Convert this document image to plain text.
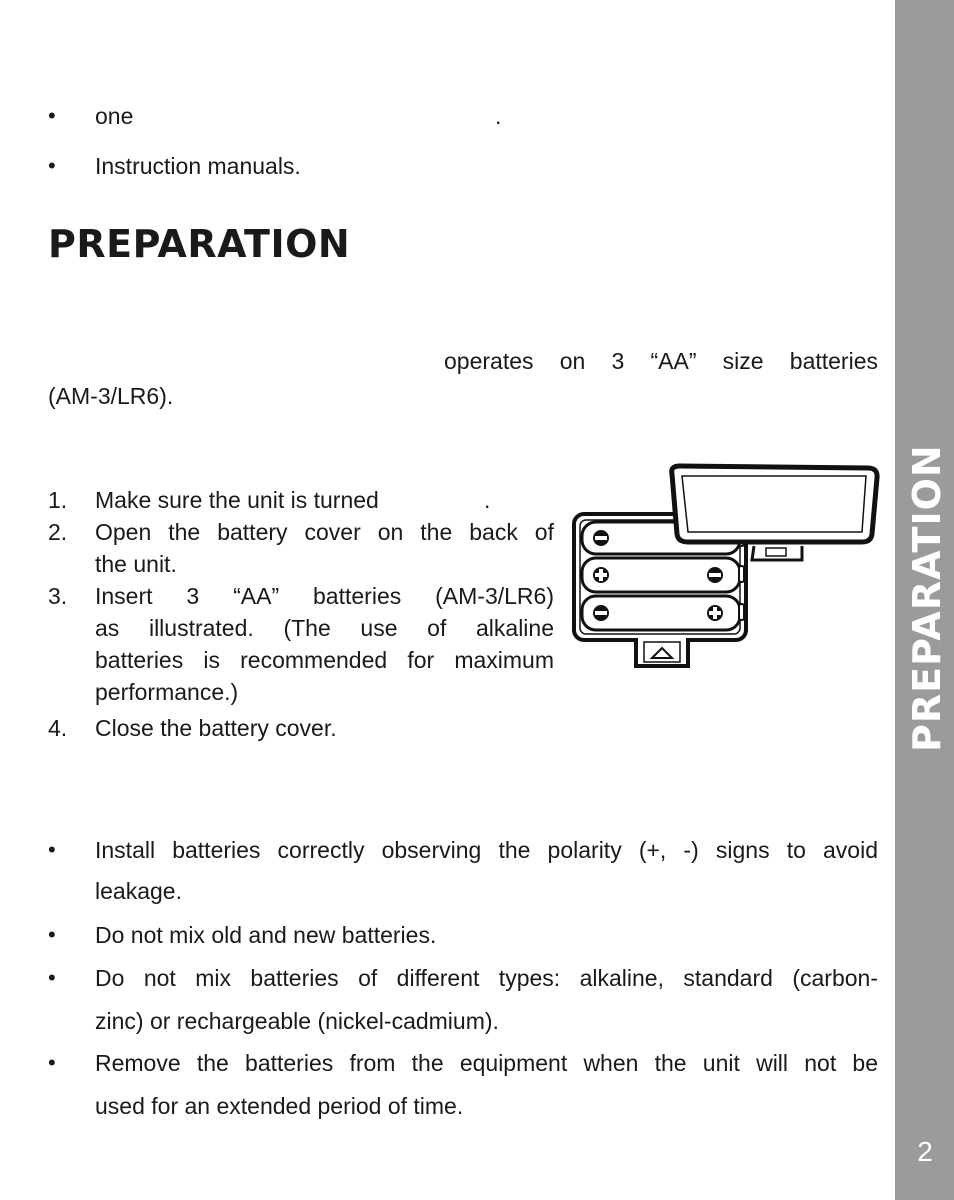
• one	.
• Instruction manuals.
PREPARATION
operates on 3 “AA” size batteries
(AM-3/LR6).
1. Make sure the unit is turned	.
2. Open the battery cover on the back of
the unit.
3. Insert 3 “AA” batteries (AM-3/LR6)
as illustrated. (The use of alkaline
batteries is recommended for maximum
performance.)
4. Close the battery cover.
• Install batteries correctly observing the polarity (+, -) signs to avoid
leakage.
• Do not mix old and new batteries.
• Do not mix batteries of different types: alkaline, standard (carbon-
zinc) or rechargeable (nickel-cadmium).
• Remove the batteries from the equipment when the unit will not be
used for an extended period of time.
PREPARATION
2
